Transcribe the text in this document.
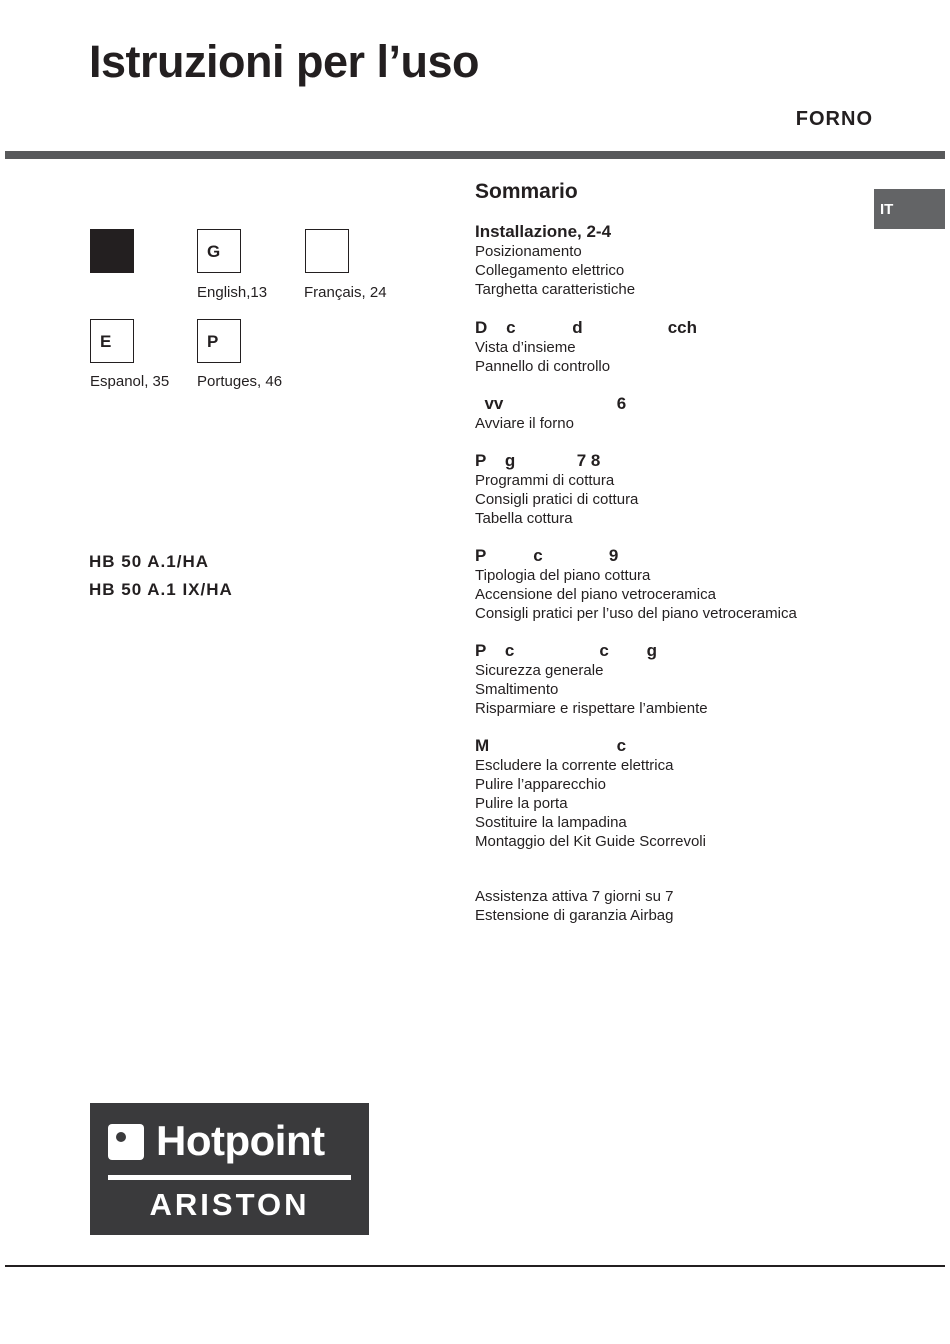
Istruzioni per l’uso
FORNO
G
English,13 Français, 24
E	P
Espanol, 35 Portuges, 46
HB 50 A.1/HA
HB 50 A.1 IX/HA
IT
Sommario
Installazione, 2-4
Posizionamento
Collegamento elettrico
Targhetta caratteristiche
D    c            d                  cch
Vista d’insieme
Pannello di controllo
vv                        6
Avviare il forno
P    g             7 8
Programmi di cottura
Consigli pratici di cottura
Tabella cottura
P          c              9
Tipologia del piano cottura
Accensione del piano vetroceramica
Consigli pratici per l’uso del piano vetroceramica
P    c                  c        g
Sicurezza generale
Smaltimento
Risparmiare e rispettare l’ambiente
M                           c
Escludere la corrente elettrica
Pulire l’apparecchio
Pulire la porta
Sostituire la lampadina
Montaggio del Kit Guide Scorrevoli
Assistenza attiva 7 giorni su 7
Estensione di garanzia Airbag
Hotpoint
ARISTON
